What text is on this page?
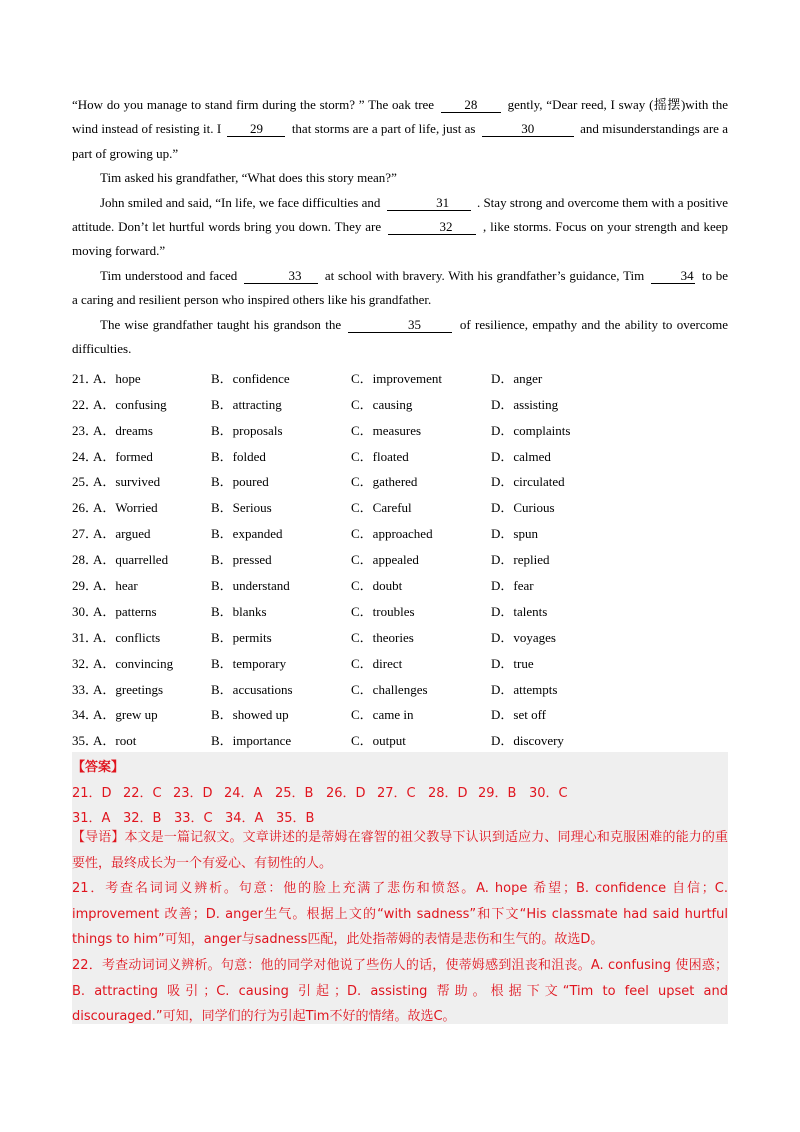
“How do you manage to stand firm during the storm? ” The oak tree 28 gently, “Dear reed, I sway (摇摆)with the wind instead of resisting it. I 29 that storms are a part of life, just as	30	and misunderstandings are a part of growing up.”

Tim asked his grandfather, “What does this story mean?”

John smiled and said, “In life, we face difficulties and	31 . Stay strong and overcome them with a positive attitude. Don’t let hurtful words bring you down. They are	32 , like storms. Focus on your strength and keep moving forward.”

Tim understood and faced	33 at school with bravery. With his grandfather’s guidance, Tim	34 to be a caring and resilient person who inspired others like his grandfather.

The wise grandfather taught his grandson the	35	of resilience, empathy and the ability to overcome difficulties.

21．
A．hope	B．confidence	C．improvement	D．anger
22．
A．confusing	B．attracting	C．causing	D．assisting
23．
A．dreams	B．proposals	C．measures	D．complaints
24．
A．formed	B．folded	C．floated	D．calmed
25．
A．survived	B．poured	C．gathered	D．circulated
26．
A．Worried	B．Serious	C．Careful	D．Curious
27．
A．argued	B．expanded	C．approached	D．spun
28．
A．quarrelled	B．pressed	C．appealed	D．replied
29．
A．hear	B．understand	C．doubt	D．fear
30．
A．patterns	B．blanks	C．troubles	D．talents
31．
A．conflicts	B．permits	C．theories	D．voyages
32．
A．convincing	B．temporary	C．direct	D．true
33．
A．greetings	B．accusations	C．challenges	D．attempts
34．
A．grew up	B．showed up	C．came in	D．set off
35．
A．root	B．importance	C．output	D．discovery
【答案】
21．D 22．C 23．D 24．A 25．B 26．D 27．C 28．D 29．B 30．C
31．A 32．B 33．C 34．A 35．B

【导语】本文是一篇记叙文。文章讲述的是蒂姆在睿智的祖父教导下认识到适应力、同理心和克服困难的能力的重要性，最终成长为一个有爱心、有韧性的人。

21．考查名词词义辨析。句意：他的脸上充满了悲伤和愤怒。A. hope 希望；B. confidence 自信；C. improvement 改善；D. anger生气。根据上文的“with sadness”和下文“His classmate had said hurtful things to him”可知，anger与sadness匹配，此处指蒂姆的表情是悲伤和生气的。故选D。

22．考查动词词义辨析。句意：他的同学对他说了些伤人的话，使蒂姆感到沮丧和沮丧。A. confusing 使困惑；B. attracting 吸引；C. causing 引起；D. assisting 帮助。根据下文“Tim to feel upset and discouraged.”可知，同学们的行为引起Tim不好的情绪。故选C。
